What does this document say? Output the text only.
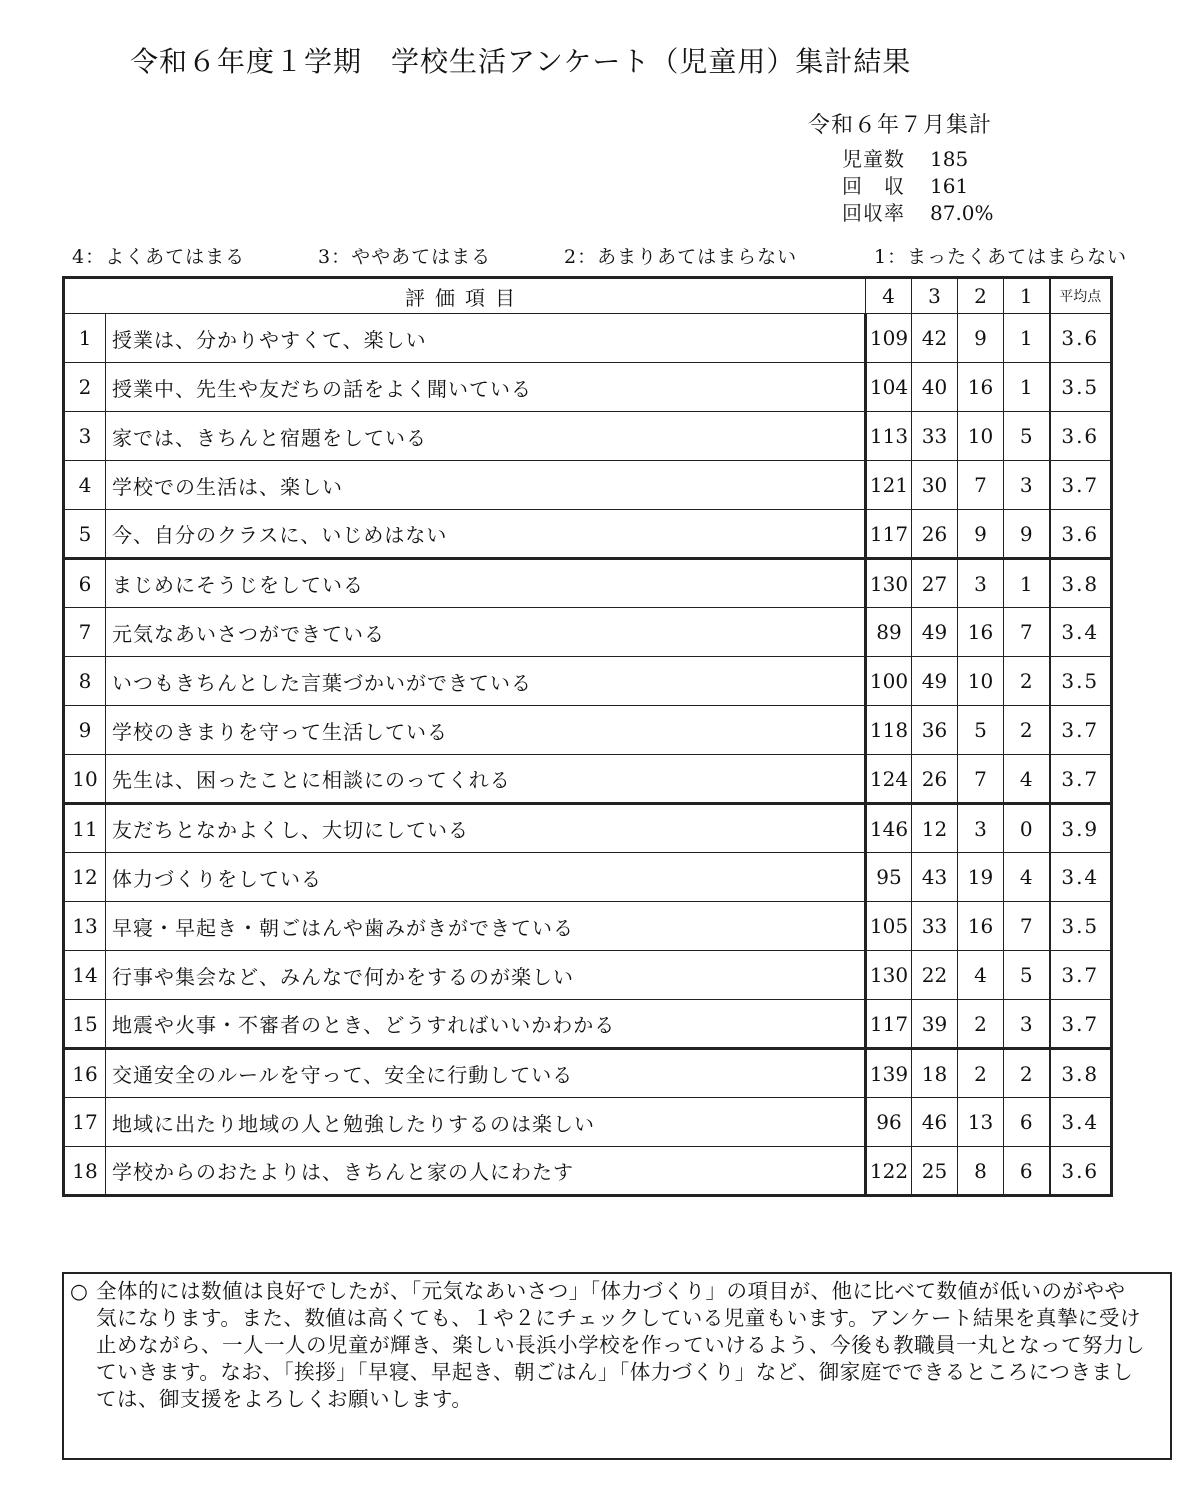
令和６年度１学期　学校生活アンケート（児童用）集計結果
令和６年７月集計
児童数 185
回　収 161
回収率 87.0%
4：よくあてはまる	3：ややあてはまる	2：あまりあてはまらない	1：まったくあてはまらない
評価項目		4	3	2	1	平均点
1	授業は、分かりやすくて、楽しい	109	42	9	1	3.6
2	授業中、先生や友だちの話をよく聞いている	104	40	16	1	3.5
3	家では、きちんと宿題をしている	113	33	10	5	3.6
4	学校での生活は、楽しい	121	30	7	3	3.7
5	今、自分のクラスに、いじめはない	117	26	9	9	3.6
6	まじめにそうじをしている	130	27	3	1	3.8
7	元気なあいさつができている	89	49	16	7	3.4
8	いつもきちんとした言葉づかいができている	100	49	10	2	3.5
9	学校のきまりを守って生活している	118	36	5	2	3.7
10	先生は、困ったことに相談にのってくれる	124	26	7	4	3.7
11	友だちとなかよくし、大切にしている	146	12	3	0	3.9
12	体力づくりをしている	95	43	19	4	3.4
13	早寝・早起き・朝ごはんや歯みがきができている	105	33	16	7	3.5
14	行事や集会など、みんなで何かをするのが楽しい	130	22	4	5	3.7
15	地震や火事・不審者のとき、どうすればいいかわかる	117	39	2	3	3.7
16	交通安全のルールを守って、安全に行動している	139	18	2	2	3.8
17	地域に出たり地域の人と勉強したりするのは楽しい	96	46	13	6	3.4
18	学校からのおたよりは、きちんと家の人にわたす	122	25	8	6	3.6
○ 全体的には数値は良好でしたが、「元気なあいさつ」「体力づくり」の項目が、他に比べて数値が低いのがやや気になります。また、数値は高くても、１や２にチェックしている児童もいます。アンケート結果を真摯に受け止めながら、一人一人の児童が輝き、楽しい長浜小学校を作っていけるよう、今後も教職員一丸となって努力していきます。なお、「挨拶」「早寝、早起き、朝ごはん」「体力づくり」など、御家庭でできるところにつきましては、御支援をよろしくお願いします。
